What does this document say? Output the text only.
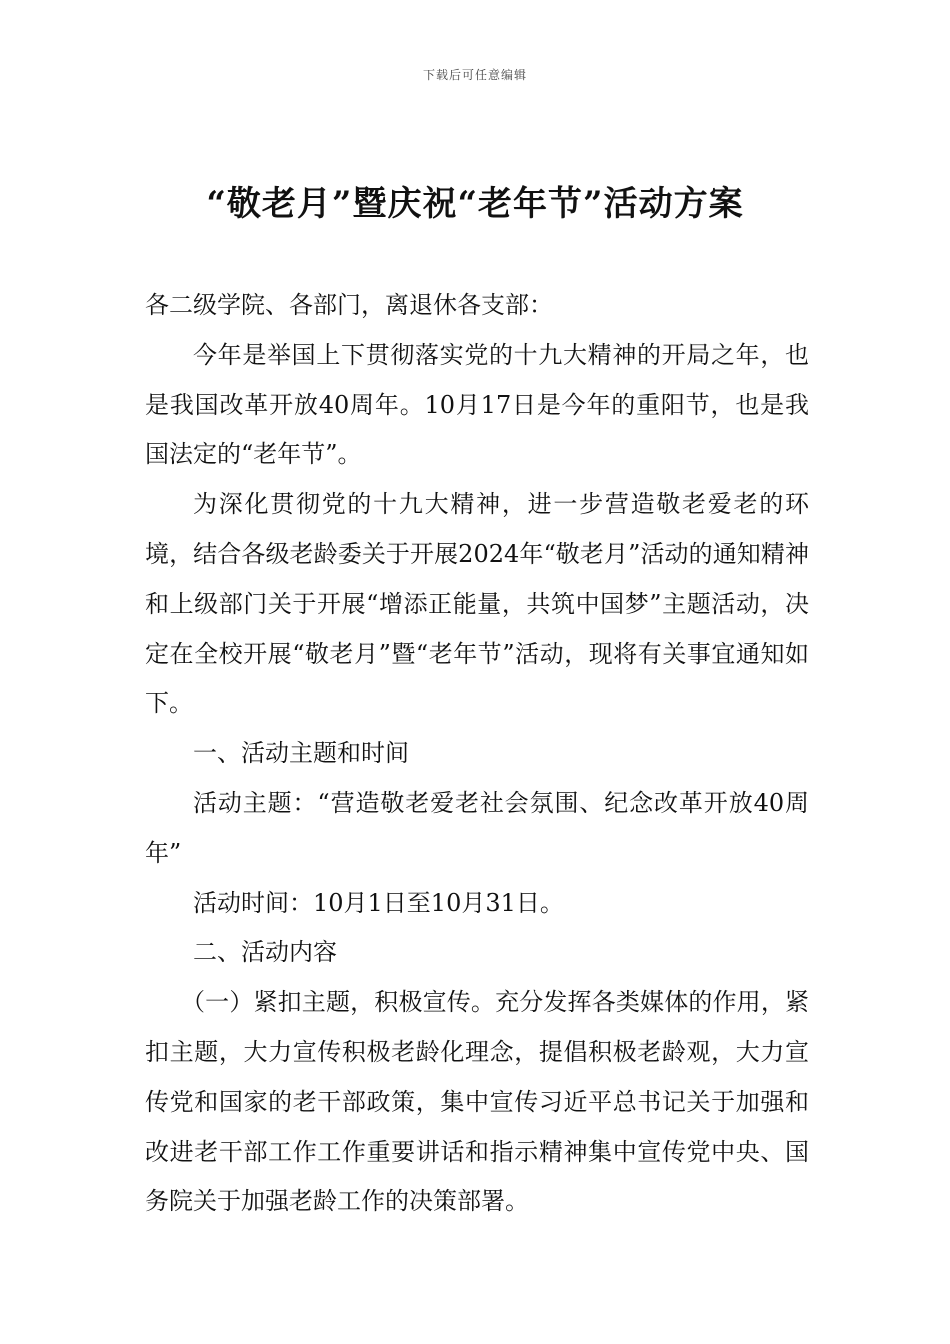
下载后可任意编辑
“敬老月”暨庆祝“老年节”活动方案

各二级学院、各部门，离退休各支部：

今年是举国上下贯彻落实党的十九大精神的开局之年，也是我国改革开放40周年。10月17日是今年的重阳节，也是我国法定的“老年节”。

为深化贯彻党的十九大精神，进一步营造敬老爱老的环境，结合各级老龄委关于开展2024年“敬老月”活动的通知精神和上级部门关于开展“增添正能量，共筑中国梦”主题活动，决定在全校开展“敬老月”暨“老年节”活动，现将有关事宜通知如下。

一、活动主题和时间

活动主题：“营造敬老爱老社会氛围、纪念改革开放40周年”

活动时间：10月1日至10月31日。

二、活动内容

（一）紧扣主题，积极宣传。充分发挥各类媒体的作用，紧扣主题，大力宣传积极老龄化理念，提倡积极老龄观，大力宣传党和国家的老干部政策，集中宣传习近平总书记关于加强和改进老干部工作工作重要讲话和指示精神集中宣传党中央、国务院关于加强老龄工作的决策部署。
